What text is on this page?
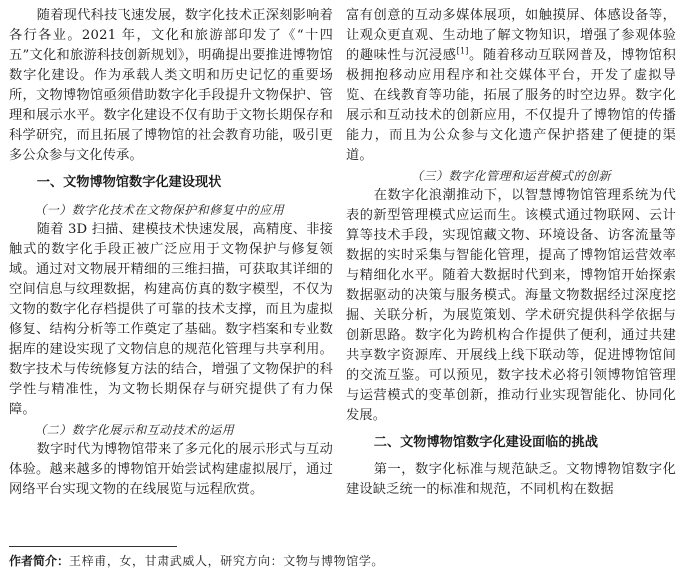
随着现代科技飞速发展，数字化技术正深刻影响着各行各业。2021 年，文化和旅游部印发了《“十四五”文化和旅游科技创新规划》，明确提出要推进博物馆数字化建设。作为承载人类文明和历史记忆的重要场所，文物博物馆亟须借助数字化手段提升文物保护、管理和展示水平。数字化建设不仅有助于文物长期保存和科学研究，而且拓展了博物馆的社会教育功能，吸引更多公众参与文化传承。

一、文物博物馆数字化建设现状
（一）数字化技术在文物保护和修复中的应用

随着 3D 扫描、建模技术快速发展，高精度、非接触式的数字化手段正被广泛应用于文物保护与修复领域。通过对文物展开精细的三维扫描，可获取其详细的空间信息与纹理数据，构建高仿真的数字模型，不仅为文物的数字化存档提供了可靠的技术支撑，而且为虚拟修复、结构分析等工作奠定了基础。数字档案和专业数据库的建设实现了文物信息的规范化管理与共享利用。数字技术与传统修复方法的结合，增强了文物保护的科学性与精准性，为文物长期保存与研究提供了有力保障。

（二）数字化展示和互动技术的运用

数字时代为博物馆带来了多元化的展示形式与互动体验。越来越多的博物馆开始尝试构建虚拟展厅，通过网络平台实现文物的在线展览与远程欣赏。

富有创意的互动多媒体展项，如触摸屏、体感设备等，让观众更直观、生动地了解文物知识，增强了参观体验的趣味性与沉浸感[1]。随着移动互联网普及，博物馆积极拥抱移动应用程序和社交媒体平台，开发了虚拟导览、在线教育等功能，拓展了服务的时空边界。数字化展示和互动技术的创新应用，不仅提升了博物馆的传播能力，而且为公众参与文化遗产保护搭建了便捷的渠道。

（三）数字化管理和运营模式的创新

在数字化浪潮推动下，以智慧博物馆管理系统为代表的新型管理模式应运而生。该模式通过物联网、云计算等技术手段，实现馆藏文物、环境设备、访客流量等数据的实时采集与智能化管理，提高了博物馆运营效率与精细化水平。随着大数据时代到来，博物馆开始探索数据驱动的决策与服务模式。海量文物数据经过深度挖掘、关联分析，为展览策划、学术研究提供科学依据与创新思路。数字化为跨机构合作提供了便利，通过共建共享数字资源库、开展线上线下联动等，促进博物馆间的交流互鉴。可以预见，数字技术必将引领博物馆管理与运营模式的变革创新，推动行业实现智能化、协同化发展。

二、文物博物馆数字化建设面临的挑战

第一，数字化标准与规范缺乏。文物博物馆数字化建设缺乏统一的标准和规范，不同机构在数据

作者简介：王梓甫，女，甘肃武威人，研究方向：文物与博物馆学。
